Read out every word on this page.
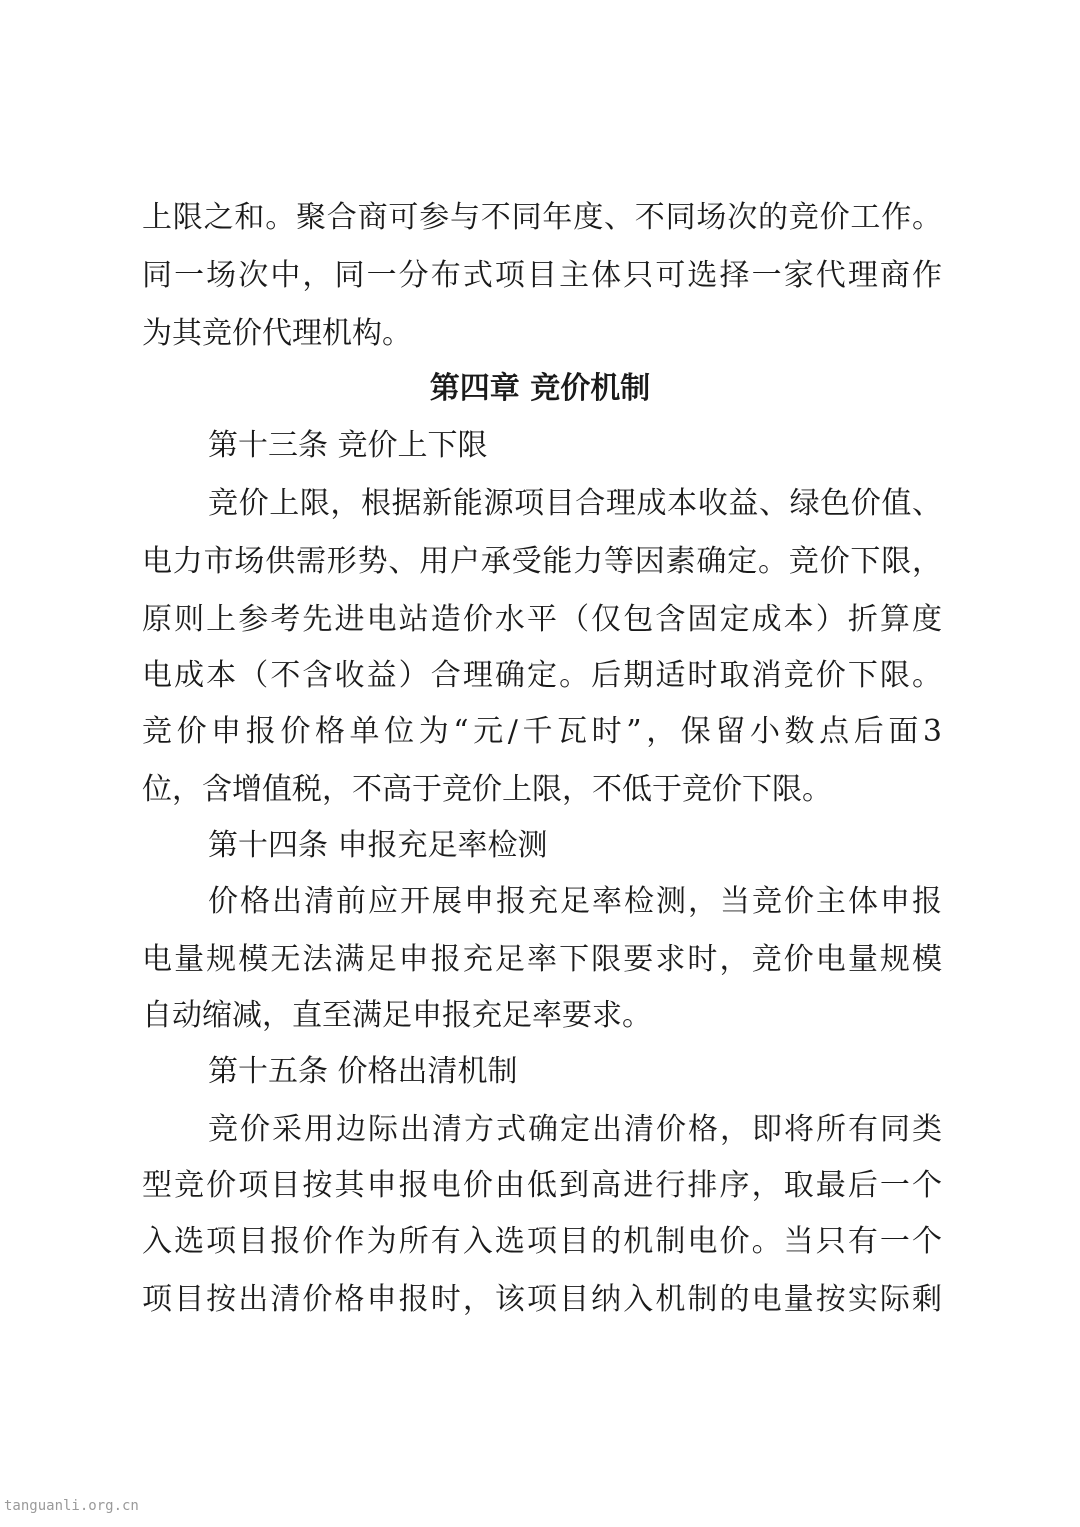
上限之和。聚合商可参与不同年度、不同场次的竞价工作。
同一场次中，同一分布式项目主体只可选择一家代理商作
为其竞价代理机构。
第四章 竞价机制
第十三条 竞价上下限
竞价上限，根据新能源项目合理成本收益、绿色价值、
电力市场供需形势、用户承受能力等因素确定。竞价下限，
原则上参考先进电站造价水平（仅包含固定成本）折算度
电成本（不含收益）合理确定。后期适时取消竞价下限。
竞价申报价格单位为“元/千瓦时”，保留小数点后面3
位，含增值税，不高于竞价上限，不低于竞价下限。
第十四条 申报充足率检测
价格出清前应开展申报充足率检测，当竞价主体申报
电量规模无法满足申报充足率下限要求时，竞价电量规模
自动缩减，直至满足申报充足率要求。
第十五条 价格出清机制
竞价采用边际出清方式确定出清价格，即将所有同类
型竞价项目按其申报电价由低到高进行排序，取最后一个
入选项目报价作为所有入选项目的机制电价。当只有一个
项目按出清价格申报时，该项目纳入机制的电量按实际剩
tanguanli.org.cn
